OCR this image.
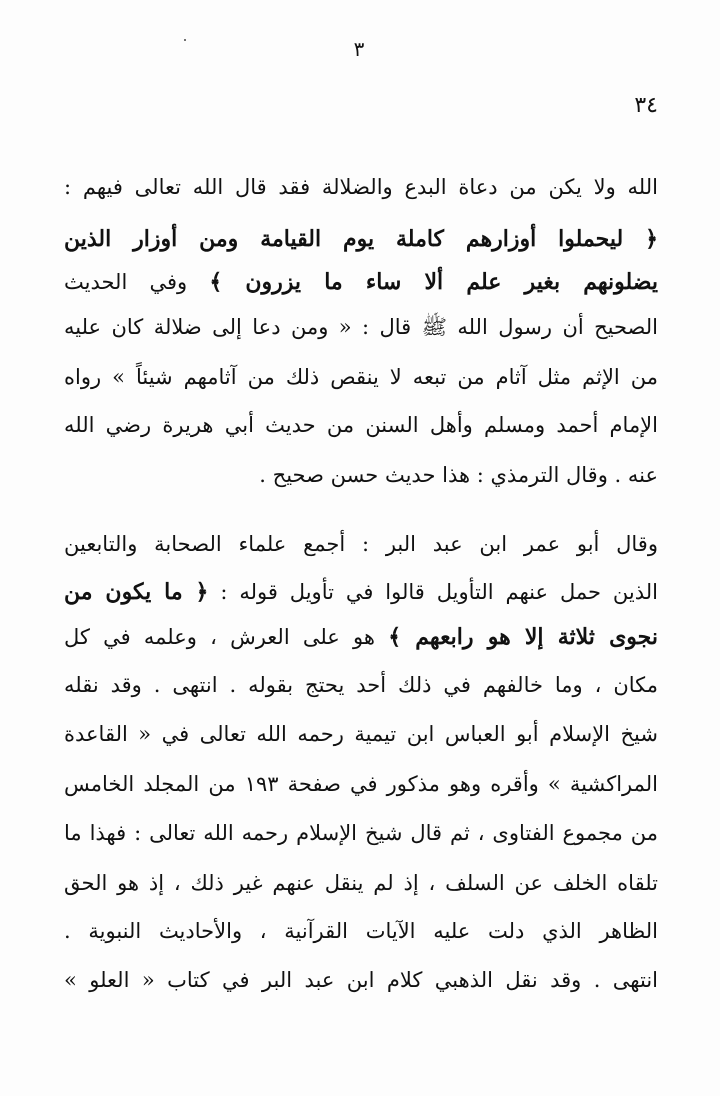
٣
٣٤
الله ولا يكن من دعاة البدع والضلالة فقد قال الله تعالى فيهم :
﴿ ليحملوا أوزارهم كاملة يوم القيامة ومن أوزار الذين
يضلونهم بغير علم ألا ساء ما يزرون ﴾ وفي الحديث
الصحيح أن رسول الله ﷺ قال : « ومن دعا إلى ضلالة كان عليه
من الإثم مثل آثام من تبعه لا ينقص ذلك من آثامهم شيئاً » رواه
الإمام أحمد ومسلم وأهل السنن من حديث أبي هريرة رضي الله
عنه . وقال الترمذي : هذا حديث حسن صحيح .
وقال أبو عمر ابن عبد البر : أجمع علماء الصحابة والتابعين
الذين حمل عنهم التأويل قالوا في تأويل قوله : ﴿ ما يكون من
نجوى ثلاثة إلا هو رابعهم ﴾ هو على العرش ، وعلمه في كل
مكان ، وما خالفهم في ذلك أحد يحتج بقوله . انتهى . وقد نقله
شيخ الإسلام أبو العباس ابن تيمية رحمه الله تعالى في « القاعدة
المراكشية » وأقره وهو مذكور في صفحة ١٩٣ من المجلد الخامس
من مجموع الفتاوى ، ثم قال شيخ الإسلام رحمه الله تعالى : فهذا ما
تلقاه الخلف عن السلف ، إذ لم ينقل عنهم غير ذلك ، إذ هو الحق
الظاهر الذي دلت عليه الآيات القرآنية ، والأحاديث النبوية .
انتهى . وقد نقل الذهبي كلام ابن عبد البر في كتاب « العلو »
